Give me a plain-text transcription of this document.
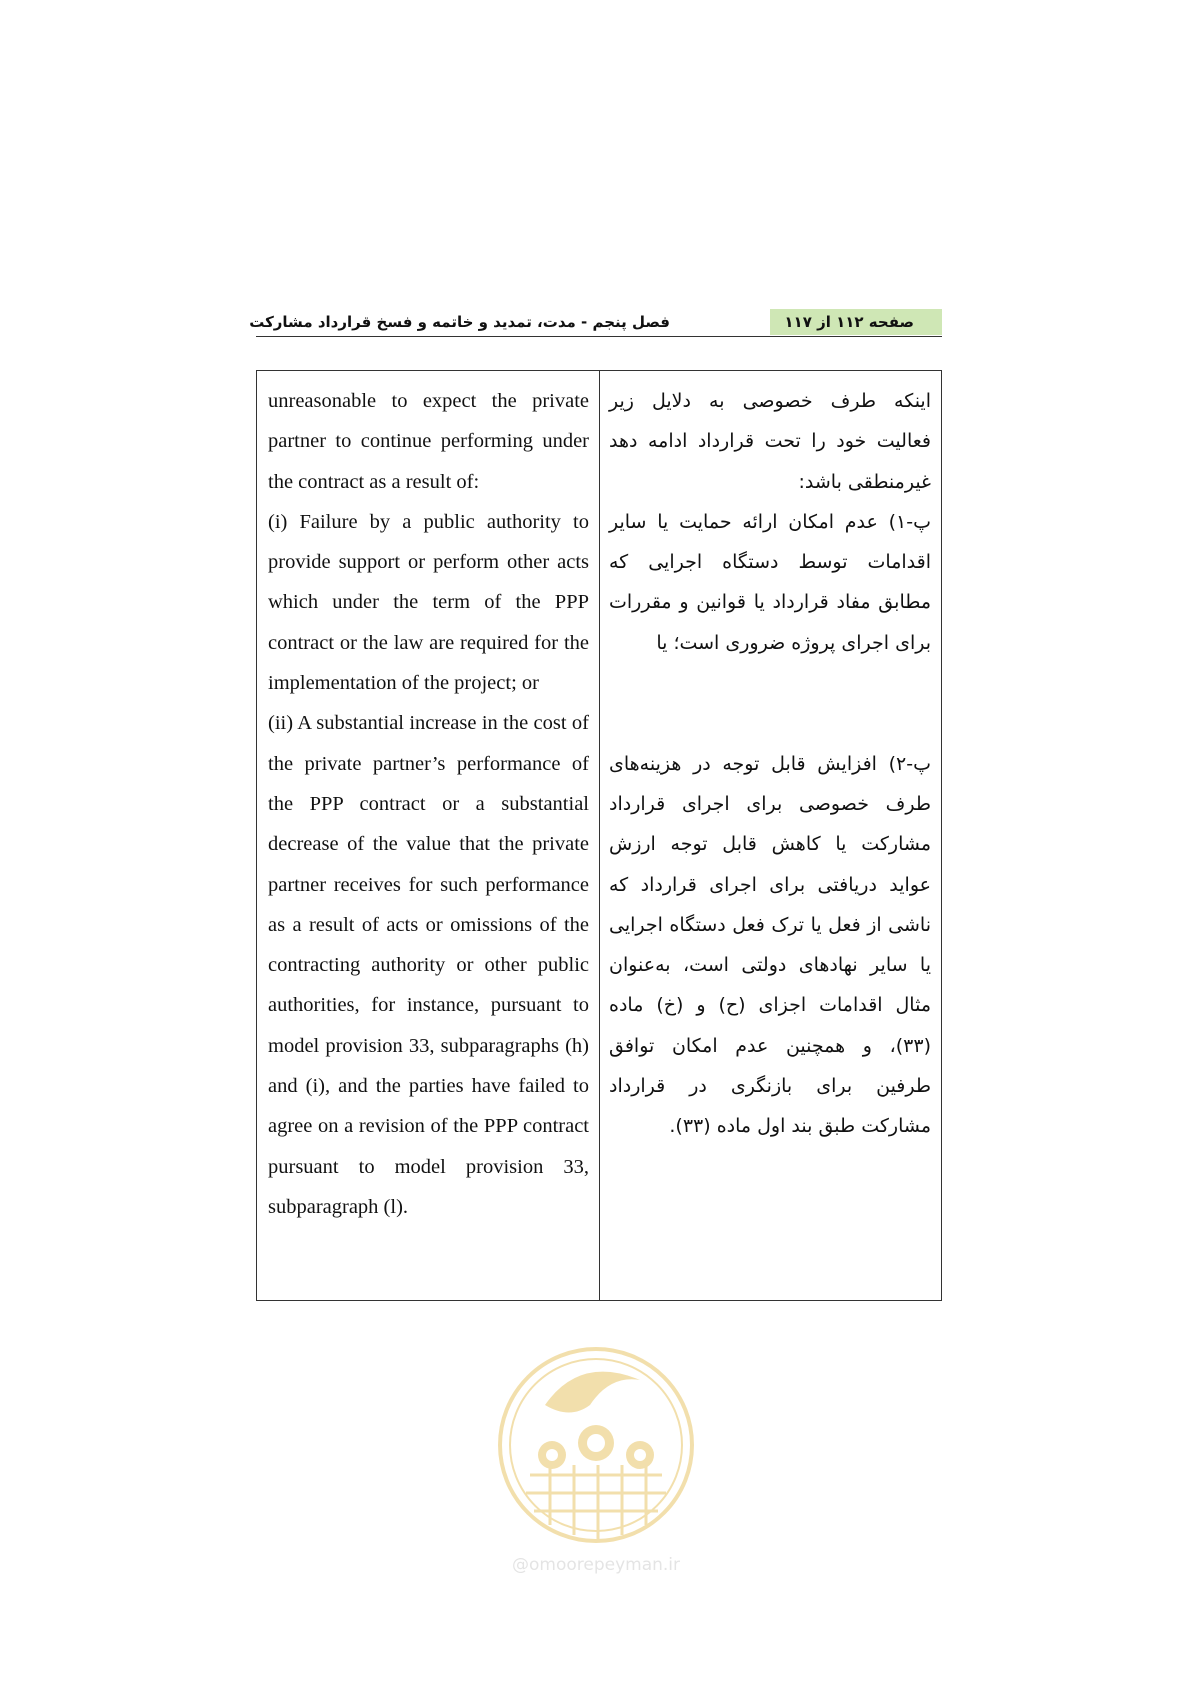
صفحه ۱۱۲ از ۱۱۷
فصل پنجم - مدت، تمدید و خاتمه و فسخ قرارداد مشارکت

unreasonable to expect the private partner to continue performing under the contract as a result of:

(i) Failure by a public authority to provide support or perform other acts which under the term of the PPP contract or the law are required for the implementation of the project; or

(ii) A substantial increase in the cost of the private partner’s performance of the PPP contract or a substantial decrease of the value that the private partner receives for such performance as a result of acts or omissions of the contracting authority or other public authorities, for instance, pursuant to model provision 33, subparagraphs (h) and (i), and the parties have failed to agree on a revision of the PPP contract pursuant to model provision 33, subparagraph (l).

اینکه طرف خصوصی به دلایل زیر فعالیت خود را تحت قرارداد ادامه دهد غیرمنطقی باشد:

پ-۱) عدم امکان ارائه حمایت یا سایر اقدامات توسط دستگاه اجرایی که مطابق مفاد قرارداد یا قوانین و مقررات برای اجرای پروژه ضروری است؛ یا

پ-۲) افزایش قابل توجه در هزینه‌های طرف خصوصی برای اجرای قرارداد مشارکت یا کاهش قابل توجه ارزش عواید دریافتی برای اجرای قرارداد که ناشی از فعل یا ترک فعل دستگاه اجرایی یا سایر نهادهای دولتی است، به‌عنوان مثال اقدامات اجزای (ح) و (خ) ماده (۳۳)، و همچنین عدم امکان توافق طرفین برای بازنگری در قرارداد مشارکت طبق بند اول ماده (۳۳).

@omoorepeyman.ir
